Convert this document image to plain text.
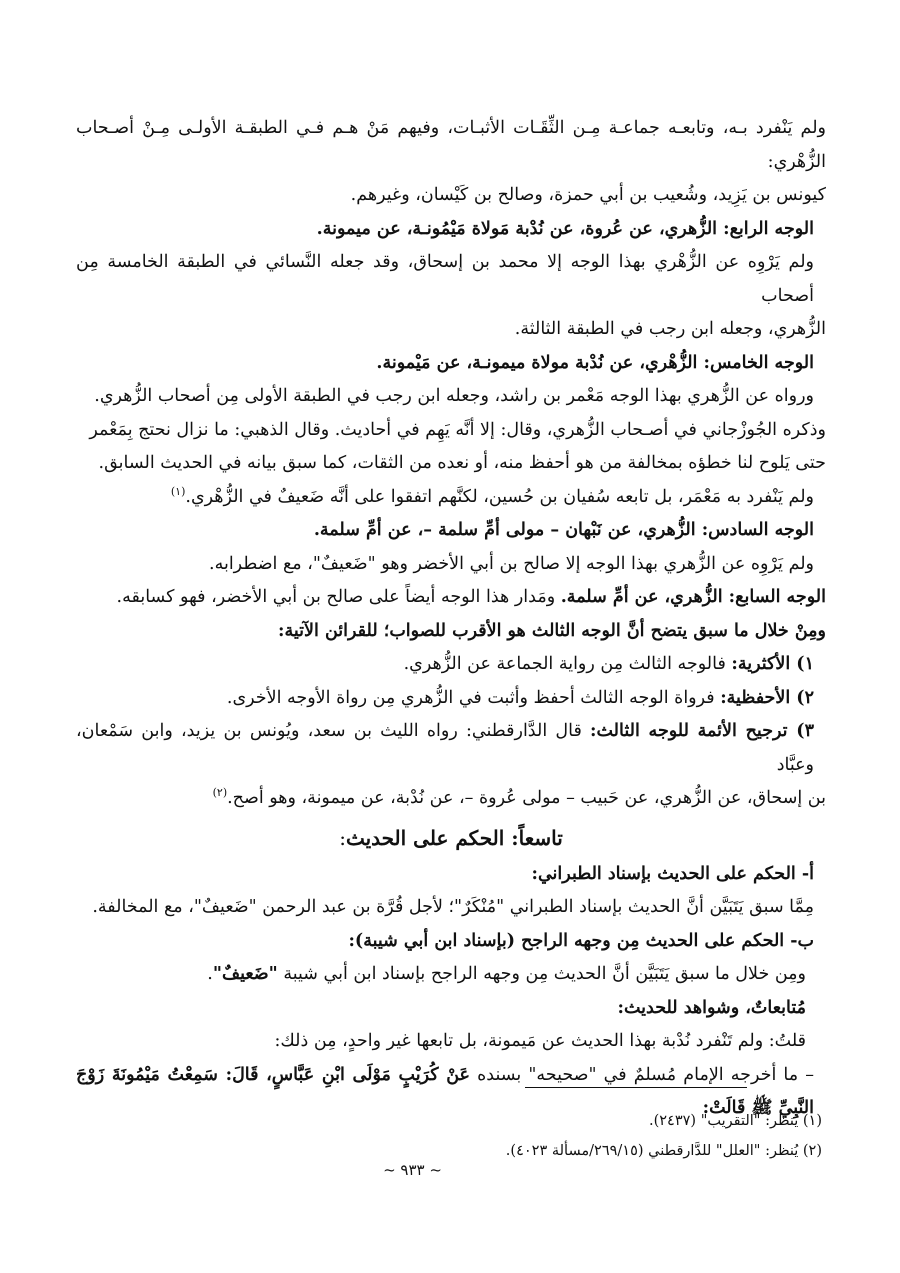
ولم يَنْفرد بـه، وتابعـه جماعـة مِـن الثِّقَـات الأثبـات، وفيهم مَنْ هـم فـي الطبقـة الأولـى مِـنْ أصـحاب الزُّهْري:

كيونس بن يَزِيد، وشُعيب بن أبي حمزة، وصالح بن كَيْسان، وغيرهم.

الوجه الرابع: الزُّهري، عن عُروة، عن نُدْبة مَولاة مَيْمُونـة، عن ميمونة.

ولم يَرْوِه عن الزُّهْري بهذا الوجه إلا محمد بن إسحاق، وقد جعله النَّسائي في الطبقة الخامسة مِن أصحاب

الزُّهري، وجعله ابن رجب في الطبقة الثالثة.

الوجه الخامس: الزُّهْري، عن نُدْبة مولاة ميمونـة، عن مَيْمونة.

ورواه عن الزُّهري بهذا الوجه مَعْمر بن راشد، وجعله ابن رجب في الطبقة الأولى مِن أصحاب الزُّهري.

وذكره الجُوزْجاني في أصـحاب الزُّهري، وقال: إلا أنَّه يَهِم في أحاديث. وقال الذهبي: ما نزال نحتج بِمَعْمر

حتى يَلوح لنا خطؤه بمخالفة من هو أحفظ منه، أو نعده من الثقات، كما سبق بيانه في الحديث السابق.

ولم يَنْفرد به مَعْمَر، بل تابعه سُفيان بن حُسين، لكنَّهم اتفقوا على أنَّه ضَعيفٌ في الزُّهْري.$^{(١)}$

الوجه السادس: الزُّهري، عن نَبْهان – مولى أمِّ سلمة –، عن أمِّ سلمة.

ولم يَرْوِه عن الزُّهري بهذا الوجه إلا صالح بن أبي الأخضر وهو "ضَعيفٌ"، مع اضطرابه.

الوجه السابع: الزُّهري، عن أمِّ سلمة. ومَدار هذا الوجه أيضاً على صالح بن أبي الأخضر، فهو كسابقه.

ومِنْ خلال ما سبق يتضح أنَّ الوجه الثالث هو الأقرب للصواب؛ للقرائن الآتية:

١) الأكثرية: فالوجه الثالث مِن رواية الجماعة عن الزُّهري.

٢) الأحفظية: فرواة الوجه الثالث أحفظ وأثبت في الزُّهري مِن رواة الأوجه الأخرى.

٣) ترجيح الأئمة للوجه الثالث: قال الدَّارقطني: رواه الليث بن سعد، ويُونس بن يزيد، وابن سَمْعان، وعبَّاد

بن إسحاق، عن الزُّهري، عن حَبيب – مولى عُروة –، عن نُدْبة، عن ميمونة، وهو أصح.$^{(٢)}$

تاسعاً: الحكم على الحديث:

أ- الحكم على الحديث بإسناد الطبراني:

مِمَّا سبق يَتَبَيَّن أنَّ الحديث بإسناد الطبراني "مُنْكَرٌ"؛ لأجل قُرَّة بن عبد الرحمن "ضَعيفٌ"، مع المخالفة.

ب- الحكم على الحديث مِن وجهه الراجح (بإسناد ابن أبي شيبة):

ومِن خلال ما سبق يَتَبَيَّن أنَّ الحديث مِن وجهه الراجح بإسناد ابن أبي شيبة "ضَعيفٌ".

مُتابعاتٌ، وشواهد للحديث:

قلتُ: ولم تَنْفرد نُدْبة بهذا الحديث عن مَيمونة، بل تابعها غير واحدٍ، مِن ذلك:

– ما أخرجه الإمام مُسلمٌ في "صحيحه" بسنده عَنْ كُرَيْبٍ مَوْلَى ابْنِ عَبَّاسٍ، قَالَ: سَمِعْتُ مَيْمُونَةَ زَوْجَ النَّبِيِّ ﷺ قَالَتْ:

(١) يُنظر: "التقريب" (٢٤٣٧).

(٢) يُنظر: "العلل" للدَّارقطني (٢٦٩/١٥/مسألة ٤٠٢٣).

~ ٩٣٣ ~
